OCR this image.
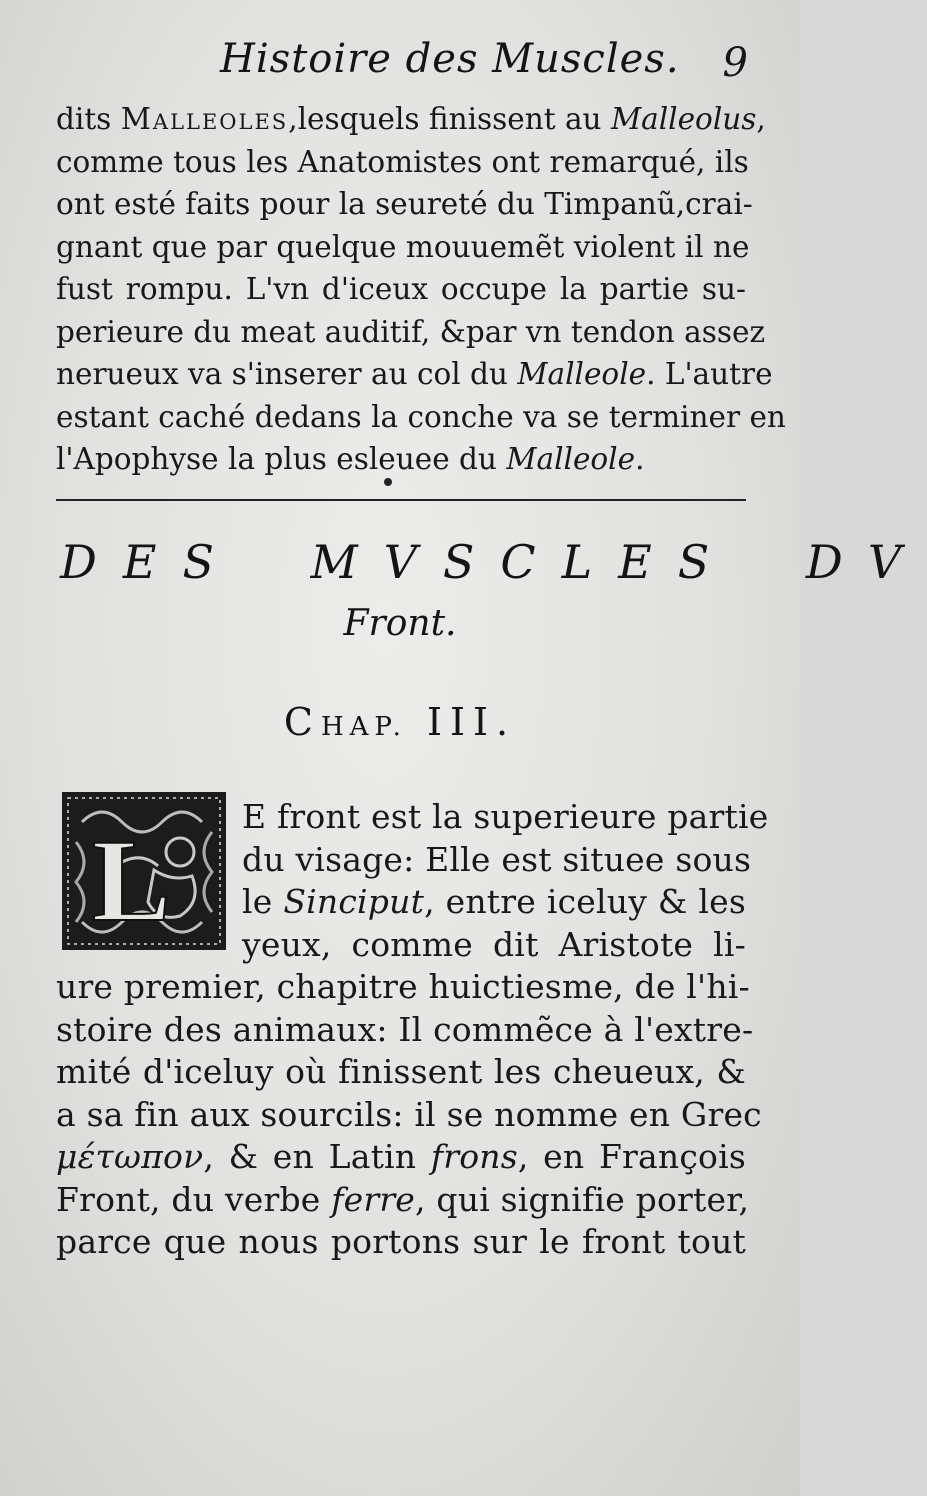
Histoire des Muscles. 9
dits Malleoles,lesquels finissent au Malleolus,
comme tous les Anatomistes ont remarqué, ils
ont esté faits pour la seureté du Timpanũ,crai-
gnant que par quelque mouuemẽt violent il ne
fust rompu. L'vn d'iceux occupe la partie su-
perieure du meat auditif, &par vn tendon assez
nerueux va s'inserer au col du Malleole. L'autre
estant caché dedans la conche va se terminer en
l'Apophyse la plus esleuee du Malleole.
DES MVSCLES DV
Front.
CHAP. III.
L E front est la superieure partie
du visage: Elle est situee sous
le Sinciput, entre iceluy & les
yeux, comme dit Aristote li-
ure premier, chapitre huictiesme, de l'hi-
stoire des animaux: Il commẽce à l'extre-
mité d'iceluy où finissent les cheueux, &
a sa fin aux sourcils: il se nomme en Grec
μέτωπον, & en Latin frons, en François
Front, du verbe ferre, qui signifie porter,
parce que nous portons sur le front tout
